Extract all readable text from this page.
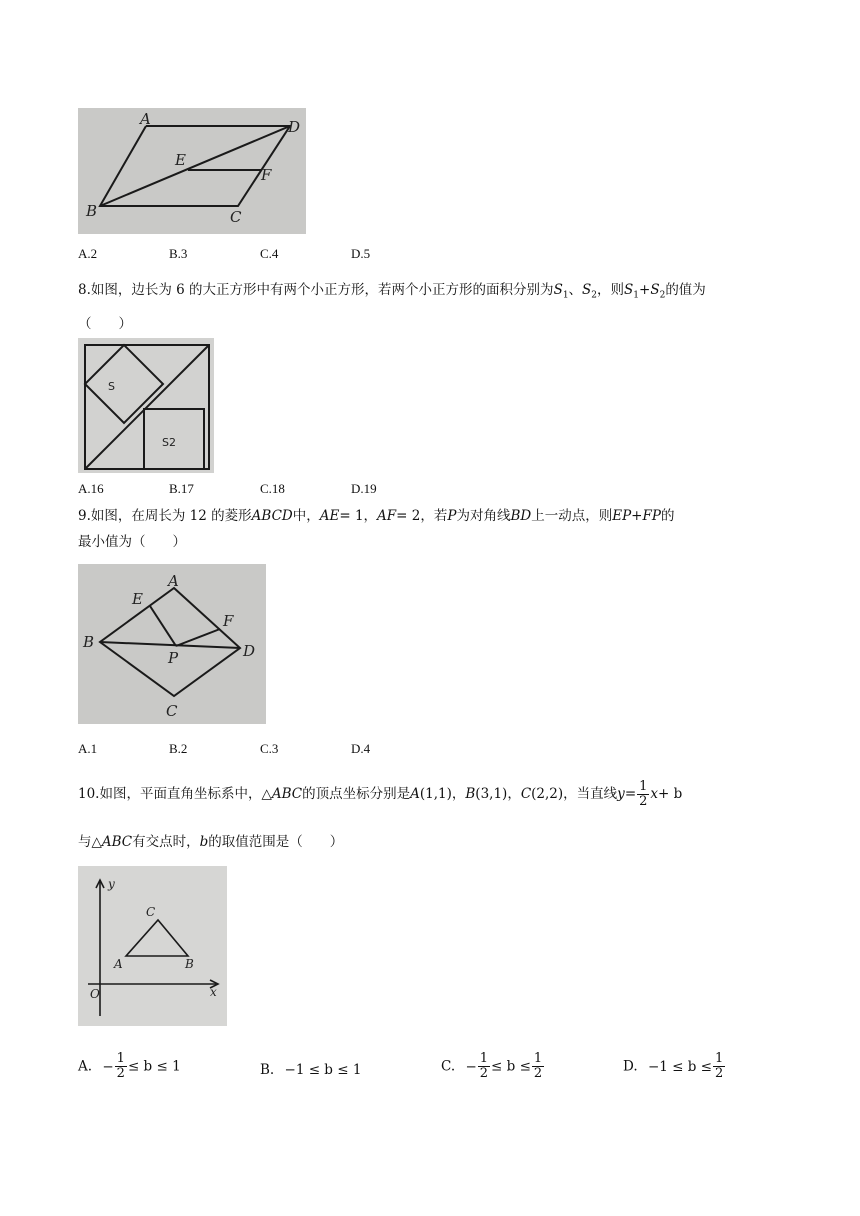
A	D
E
F
B	C
A.2	B.3	C.4	D.5
8.如图，边长为 6 的大正方形中有两个小正方形，若两个小正方形的面积分别为$S_1$、$S_2$，则$S_1+S_2$的值为
（　　）
S
S2
A.16	B.17	C.18	D.19
9.如图，在周长为 12 的菱形ABCD中，AE= 1，AF= 2，若P为对角线BD上一动点，则EP+FP的
最小值为（　　）
A
E
F
B
P	D
C
A.1	B.2	C.3	D.4
10.如图，平面直角坐标系中，△ABC的顶点坐标分别是A(1,1)，B(3,1)，C(2,2)，当直线$y= \frac{1}{2} x+ b$
与△ABC有交点时，b的取值范围是（　　）
y
x
O
A	B
C
A. − $\frac{1}{2} \le b \le 1$	B. −1 ≤ b ≤ 1	C. − $\frac{1}{2} \le b \le \frac{1}{2}$	D. $-1 \le b \le \frac{1}{2}$
